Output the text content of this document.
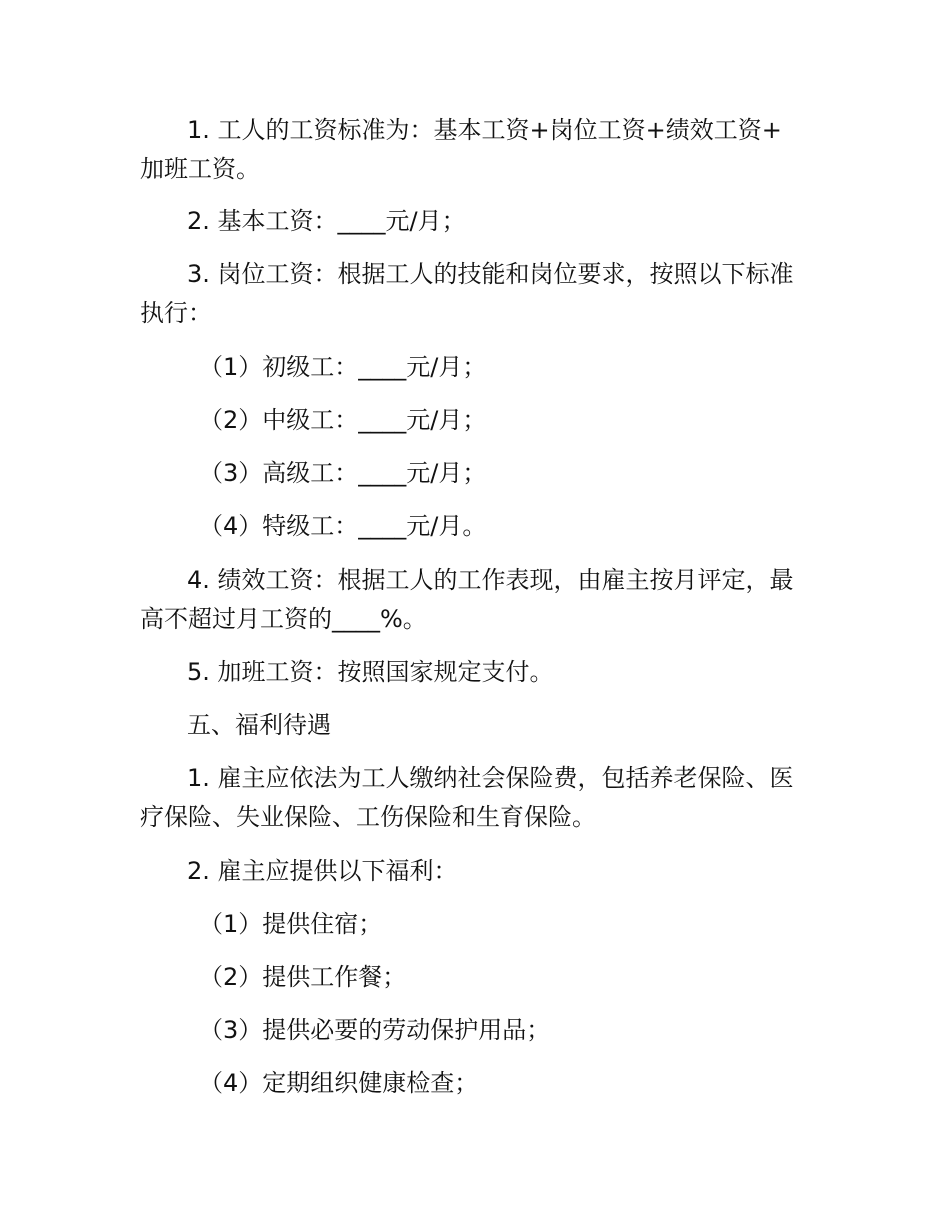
1. 工人的工资标准为：基本工资+岗位工资+绩效工资+

加班工资。

2. 基本工资：____元/月；

3. 岗位工资：根据工人的技能和岗位要求，按照以下标准

执行：

（1）初级工：____元/月；

（2）中级工：____元/月；

（3）高级工：____元/月；

（4）特级工：____元/月。

4. 绩效工资：根据工人的工作表现，由雇主按月评定，最

高不超过月工资的____%。

5. 加班工资：按照国家规定支付。

五、福利待遇

1. 雇主应依法为工人缴纳社会保险费，包括养老保险、医

疗保险、失业保险、工伤保险和生育保险。

2. 雇主应提供以下福利：

（1）提供住宿；

（2）提供工作餐；

（3）提供必要的劳动保护用品；

（4）定期组织健康检查；
